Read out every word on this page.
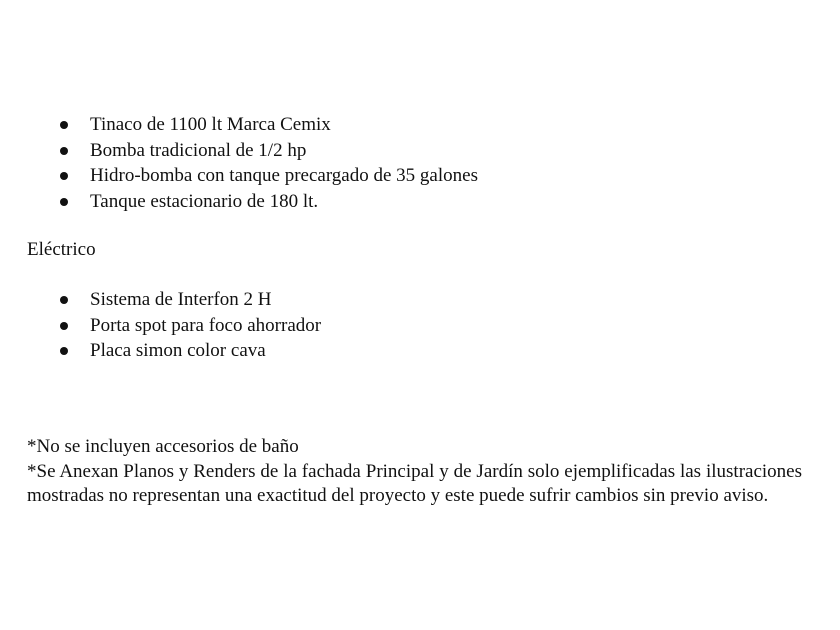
Tinaco de 1100 lt Marca Cemix
Bomba tradicional de 1/2 hp
Hidro-bomba con tanque precargado de 35 galones
Tanque estacionario de 180 lt.
Eléctrico
Sistema de Interfon 2 H
Porta spot para foco ahorrador
Placa simon color cava

*No se incluyen accesorios de baño

*Se Anexan Planos y Renders de la fachada Principal y de Jardín solo ejemplificadas las ilustraciones mostradas no representan una exactitud del proyecto y este puede sufrir cambios sin previo aviso.
